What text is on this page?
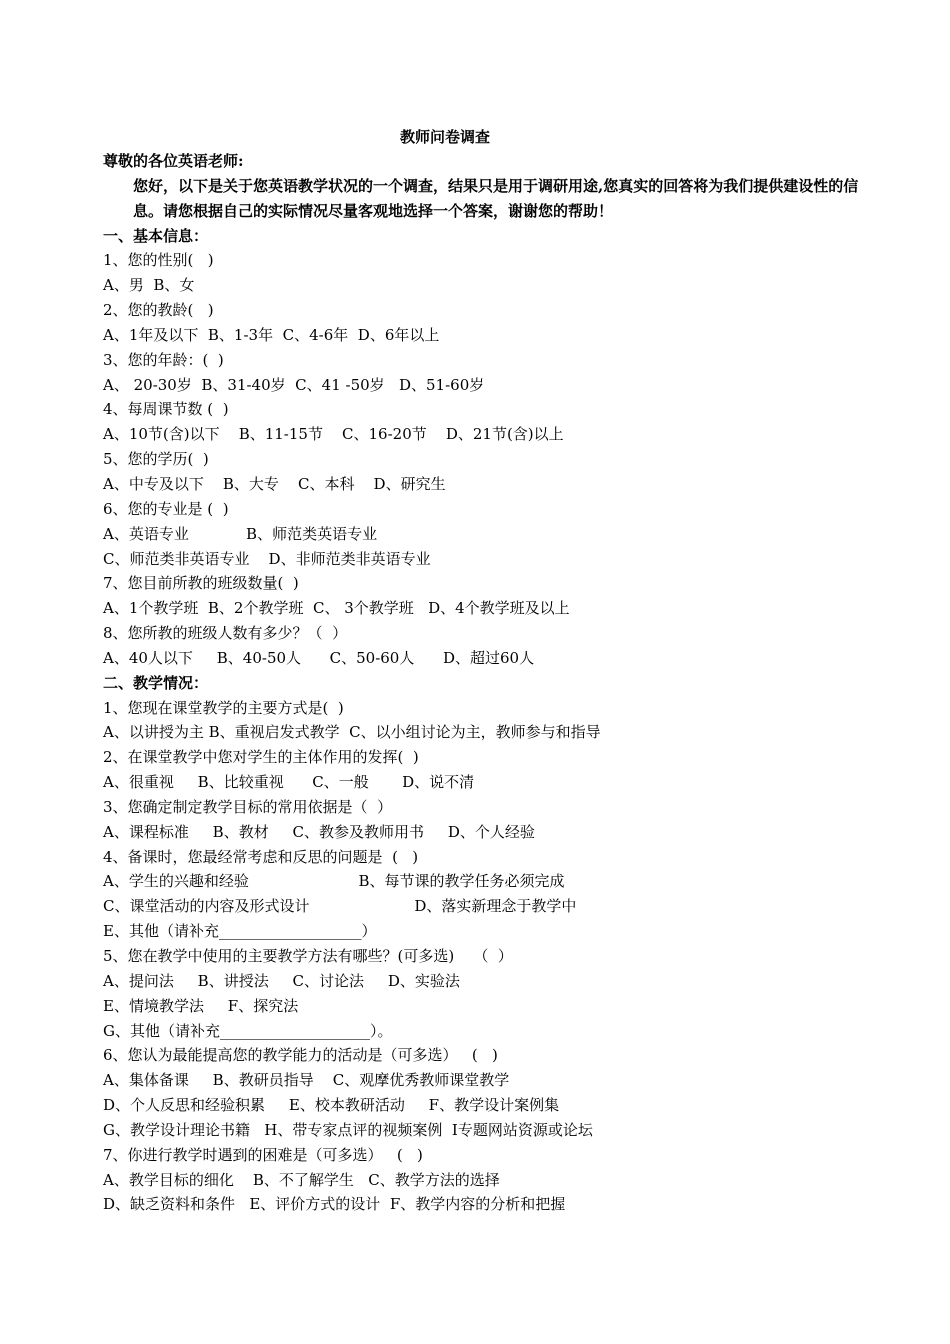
教师问卷调查
尊敬的各位英语老师:
您好，以下是关于您英语教学状况的一个调查，结果只是用于调研用途,您真实的回答将为我们提供建设性的信息。请您根据自己的实际情况尽量客观地选择一个答案，谢谢您的帮助！
一、基本信息：
1、您的性别(   )
A、男  B、女
2、您的教龄(   )
A、1年及以下  B、1-3年  C、4-6年  D、6年以上
3、您的年龄：(  )
A、 20-30岁  B、31-40岁  C、41 -50岁   D、51-60岁
4、每周课节数 (  )
A、10节(含)以下    B、11-15节    C、16-20节    D、21节(含)以上
5、您的学历(  )
A、中专及以下    B、大专    C、本科    D、研究生
6、您的专业是 (  )
A、英语专业            B、师范类英语专业
C、师范类非英语专业    D、非师范类非英语专业
7、您目前所教的班级数量(  )
A、1个教学班  B、2个教学班  C、 3个教学班   D、4个教学班及以上
8、您所教的班级人数有多少？（  ）
A、40人以下     B、40-50人      C、50-60人      D、超过60人
二、教学情况：
1、您现在课堂教学的主要方式是(  )
A、以讲授为主 B、重视启发式教学  C、以小组讨论为主，教师参与和指导
2、在课堂教学中您对学生的主体作用的发挥(  )
A、很重视     B、比较重视      C、一般       D、说不清
3、您确定制定教学目标的常用依据是（  ）
A、课程标准     B、教材     C、教参及教师用书     D、个人经验
4、备课时，您最经常考虑和反思的问题是  (   )
A、学生的兴趣和经验                       B、每节课的教学任务必须完成
C、课堂活动的内容及形式设计                      D、落实新理念于教学中
E、其他（请补充___________________）
5、您在教学中使用的主要教学方法有哪些？(可多选)    （  ）
A、提问法     B、讲授法     C、讨论法     D、实验法
E、情境教学法     F、探究法
G、其他（请补充____________________）。
6、您认为最能提高您的教学能力的活动是（可多选）   (   )
A、集体备课     B、教研员指导    C、观摩优秀教师课堂教学
D、个人反思和经验积累     E、校本教研活动     F、教学设计案例集
G、教学设计理论书籍   H、带专家点评的视频案例  I专题网站资源或论坛
7、你进行教学时遇到的困难是（可多选）   (   )
A、教学目标的细化    B、不了解学生   C、教学方法的选择
D、缺乏资料和条件   E、评价方式的设计  F、教学内容的分析和把握
